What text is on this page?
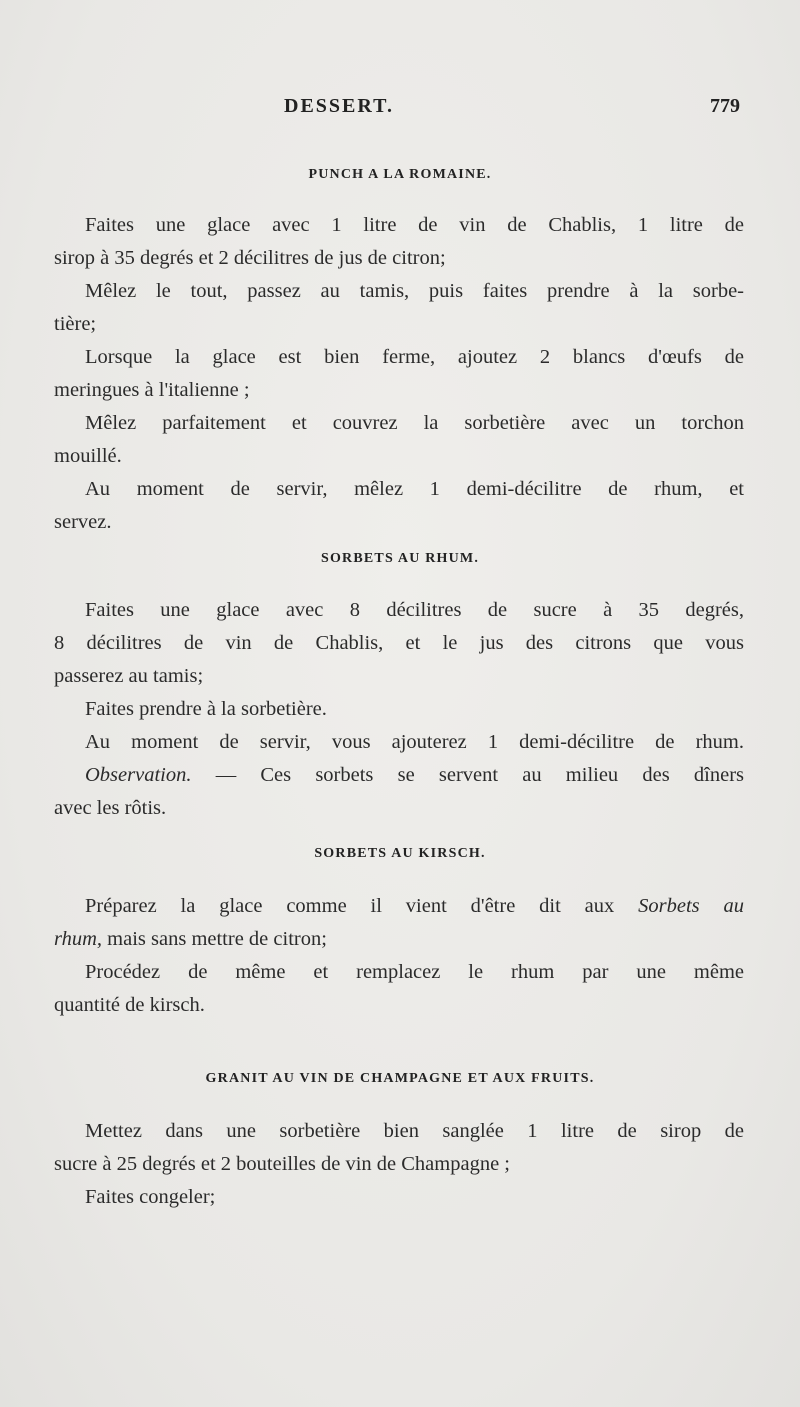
DESSERT.	779
PUNCH A LA ROMAINE.
Faites une glace avec 1 litre de vin de Chablis, 1 litre de
sirop à 35 degrés et 2 décilitres de jus de citron;
Mêlez le tout, passez au tamis, puis faites prendre à la sorbe-
tière;
Lorsque la glace est bien ferme, ajoutez 2 blancs d'œufs de
meringues à l'italienne ;
Mêlez parfaitement et couvrez la sorbetière avec un torchon
mouillé.
Au moment de servir, mêlez 1 demi-décilitre de rhum, et
servez.
SORBETS AU RHUM.
Faites une glace avec 8 décilitres de sucre à 35 degrés,
8 décilitres de vin de Chablis, et le jus des citrons que vous
passerez au tamis;
Faites prendre à la sorbetière.
Au moment de servir, vous ajouterez 1 demi-décilitre de rhum.
Observation. — Ces sorbets se servent au milieu des dîners
avec les rôtis.
SORBETS AU KIRSCH.
Préparez la glace comme il vient d'être dit aux Sorbets au
rhum, mais sans mettre de citron;
Procédez de même et remplacez le rhum par une même
quantité de kirsch.
GRANIT AU VIN DE CHAMPAGNE ET AUX FRUITS.
Mettez dans une sorbetière bien sanglée 1 litre de sirop de
sucre à 25 degrés et 2 bouteilles de vin de Champagne ;
Faites congeler;
